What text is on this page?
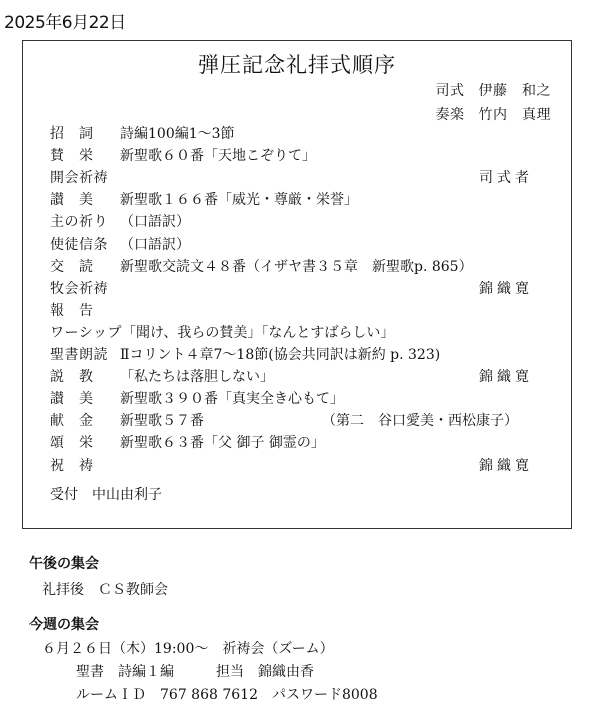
2025年6月22日
弾圧記念礼拝式順序
司式 伊藤　和之
奏楽 竹内　真理
招　詞 詩編100編1〜3節
賛　栄 新聖歌６０番「天地こぞりて」
開会祈祷	司式者
讃　美 新聖歌１６６番「威光・尊厳・栄誉」
主の祈り （口語訳）
使徒信条 （口語訳）
交　読 新聖歌交読文４８番（イザヤ書３５章　新聖歌p. 865）
牧会祈祷	錦織寛
報　告
ワーシップ「聞け、我らの賛美」「なんとすばらしい」
聖書朗読 Ⅱコリント４章7〜18節(協会共同訳は新約 p. 323)
説　教 「私たちは落胆しない」	錦織寛
讃　美 新聖歌３９０番「真実全き心もて」
献　金 新聖歌５７番	（第二　谷口愛美・西松康子）
頌　栄 新聖歌６３番「父 御子 御霊の」
祝　祷	錦織寛
受付　中山由利子
午後の集会
礼拝後　ＣＳ教師会
今週の集会
６月２６日（木）19:00〜　祈祷会（ズーム）
聖書　詩編１編　　　担当　錦織由香
ルームＩＤ　767 868 7612　パスワード8008
